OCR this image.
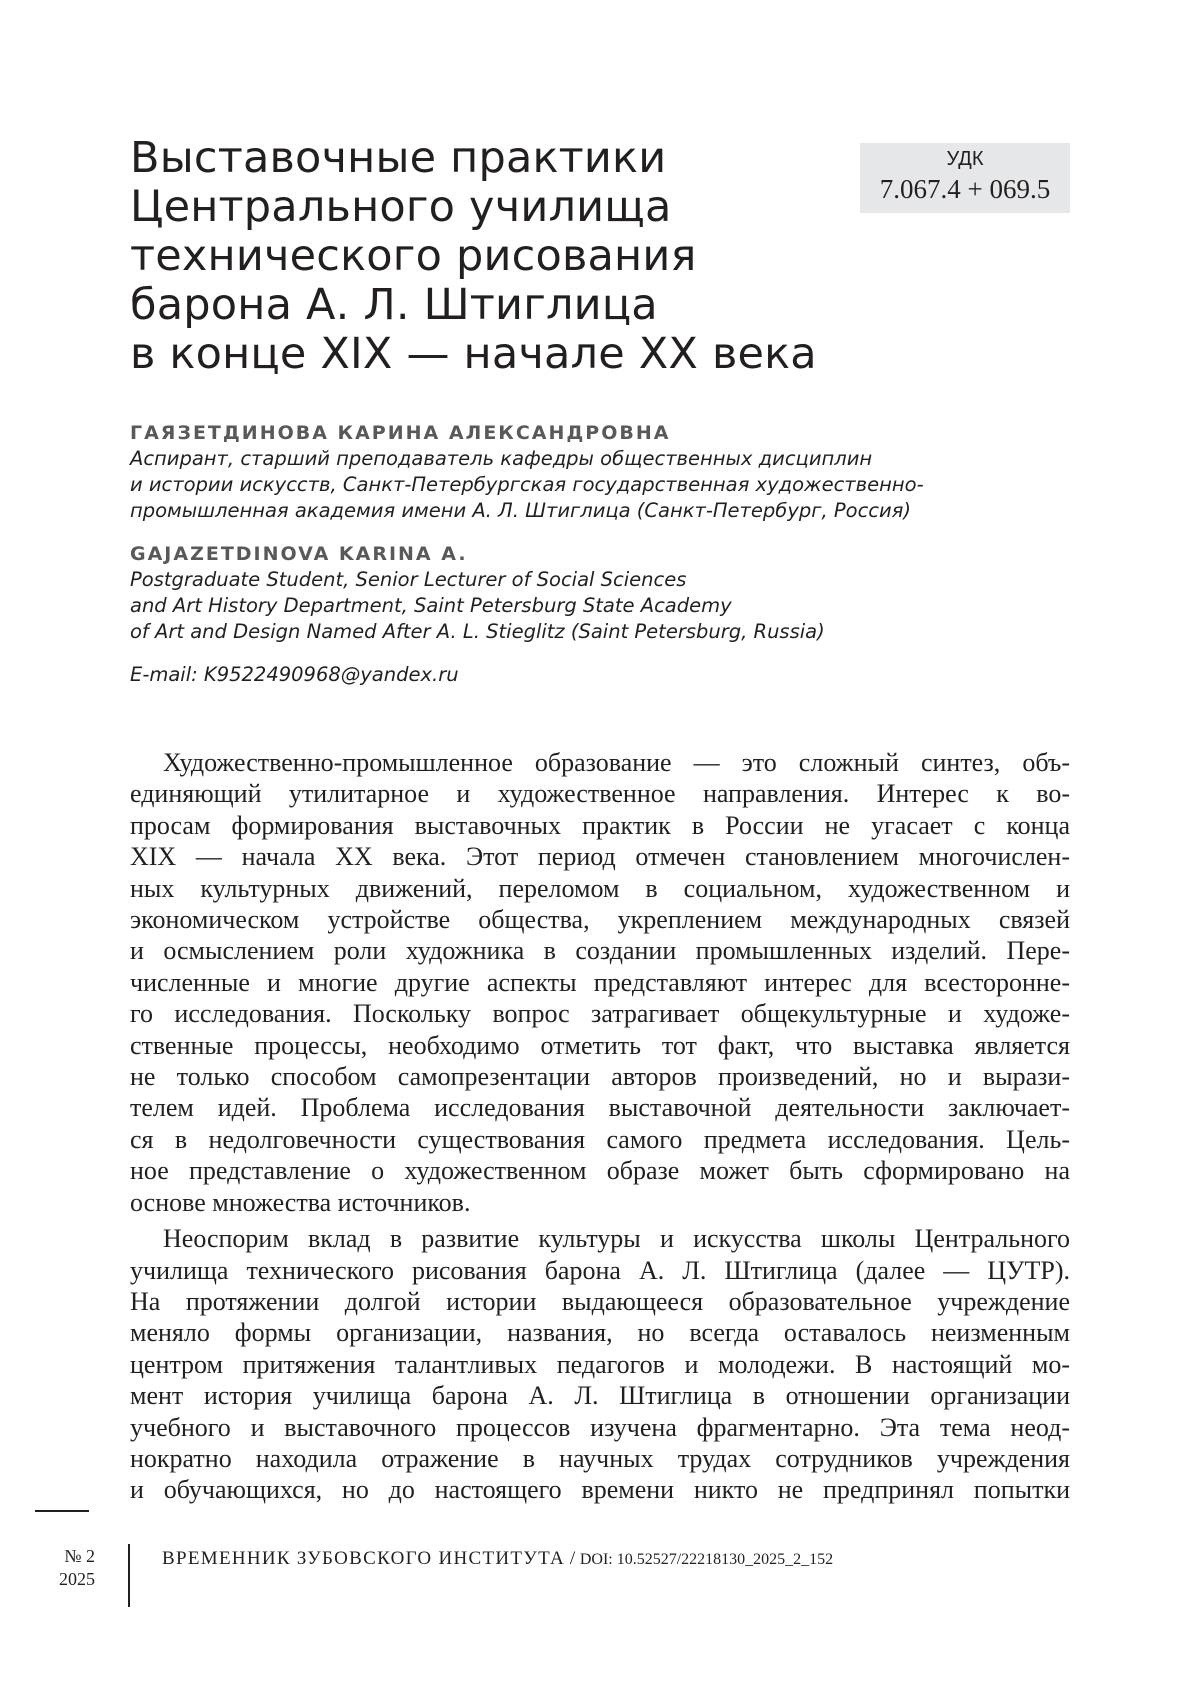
Выставочные практики
Центрального училища
технического рисования
барона А. Л. Штиглица
в конце XIX — начале XX века
УДК
7.067.4 + 069.5
ГАЯЗЕТДИНОВА КАРИНА АЛЕКСАНДРОВНА
Аспирант, старший преподаватель кафедры общественных дисциплин
и истории искусств, Санкт-Петербургская государственная художественно-
промышленная академия имени А. Л. Штиглица (Санкт-Петербург, Россия)
GAJAZETDINOVA KARINA A.
Postgraduate Student, Senior Lecturer of Social Sciences
and Art History Department, Saint Petersburg State Academy
of Art and Design Named After A. L. Stieglitz (Saint Petersburg, Russia)
E-mail: K9522490968@yandex.ru

Художественно-промышленное образование — это сложный синтез, объ-
единяющий утилитарное и художественное направления. Интерес к во-
просам формирования выставочных практик в России не угасает с конца
XIX — начала XX века. Этот период отмечен становлением многочислен-
ных культурных движений, переломом в социальном, художественном и
экономическом устройстве общества, укреплением международных связей
и осмыслением роли художника в создании промышленных изделий. Пере-
численные и многие другие аспекты представляют интерес для всесторонне-
го исследования. Поскольку вопрос затрагивает общекультурные и художе-
ственные процессы, необходимо отметить тот факт, что выставка является
не только способом самопрезентации авторов произведений, но и вырази-
телем идей. Проблема исследования выставочной деятельности заключает-
ся в недолговечности существования самого предмета исследования. Цель-
ное представление о художественном образе может быть сформировано на
основе множества источников.

Неоспорим вклад в развитие культуры и искусства школы Центрального
училища технического рисования барона А. Л. Штиглица (далее — ЦУТР).
На протяжении долгой истории выдающееся образовательное учреждение
меняло формы организации, названия, но всегда оставалось неизменным
центром притяжения талантливых педагогов и молодежи. В настоящий мо-
мент история училища барона А. Л. Штиглица в отношении организации
учебного и выставочного процессов изучена фрагментарно. Эта тема неод-
нократно находила отражение в научных трудах сотрудников учреждения
и обучающихся, но до настоящего времени никто не предпринял попытки

№ 2
2025
ВРЕМЕННИК ЗУБОВСКОГО ИНСТИТУТА / DOI: 10.52527/22218130_2025_2_152
